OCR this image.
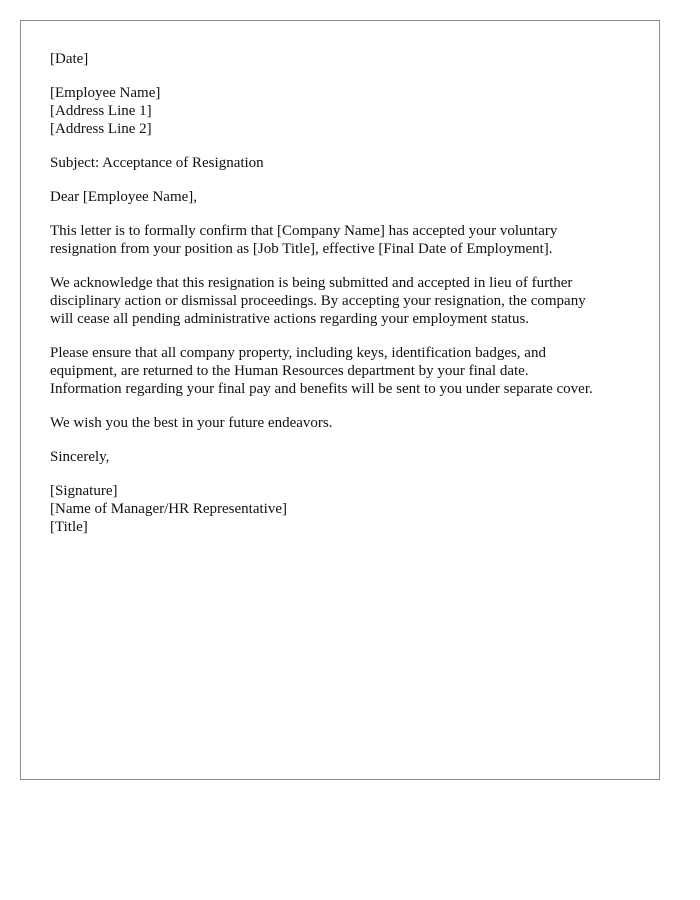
[Date]
[Employee Name]
[Address Line 1]
[Address Line 2]
Subject: Acceptance of Resignation
Dear [Employee Name],

This letter is to formally confirm that [Company Name] has accepted your voluntary
resignation from your position as [Job Title], effective [Final Date of Employment].

We acknowledge that this resignation is being submitted and accepted in lieu of further
disciplinary action or dismissal proceedings. By accepting your resignation, the company
will cease all pending administrative actions regarding your employment status.

Please ensure that all company property, including keys, identification badges, and
equipment, are returned to the Human Resources department by your final date.
Information regarding your final pay and benefits will be sent to you under separate cover.

We wish you the best in your future endeavors.

Sincerely,
[Signature]
[Name of Manager/HR Representative]
[Title]
